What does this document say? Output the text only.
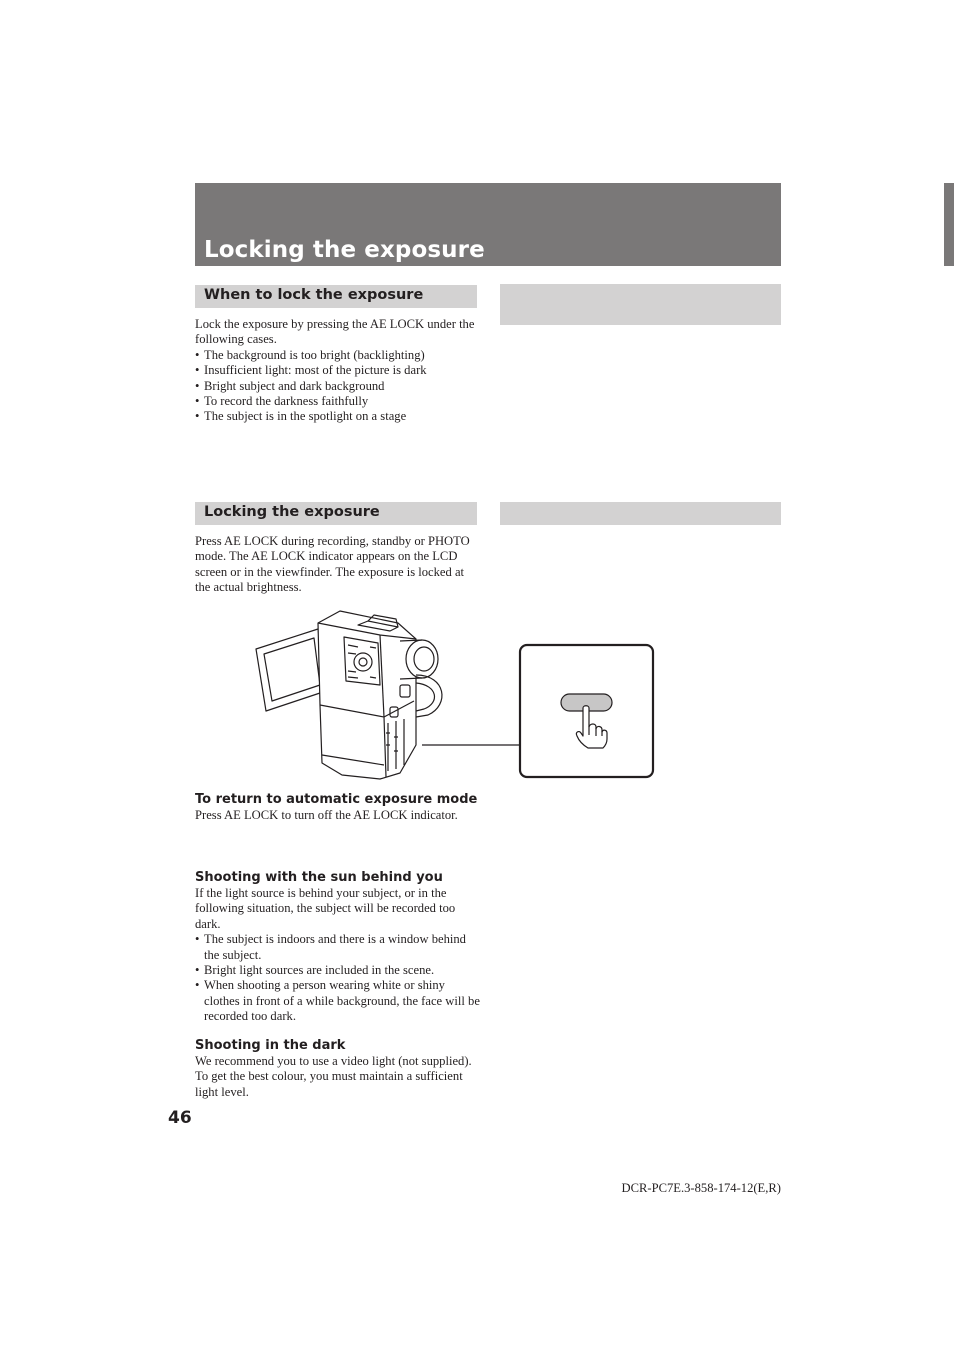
Locking the exposure
When to lock the exposure

Lock the exposure by pressing the AE LOCK under the following cases.

• The background is too bright (backlighting)
• Insufficient light: most of the picture is dark
• Bright subject and dark background
• To record the darkness faithfully
• The subject is in the spotlight on a stage
Locking the exposure

Press AE LOCK during recording, standby or PHOTO mode. The AE LOCK indicator appears on the LCD screen or in the viewfinder. The exposure is locked at the actual brightness.

To return to automatic exposure mode

Press AE LOCK to turn off the AE LOCK indicator.

Shooting with the sun behind you

If the light source is behind your subject, or in the following situation, the subject will be recorded too dark.

• The subject is indoors and there is a window behind the subject.
• Bright light sources are included in the scene.
• When shooting a person wearing white or shiny clothes in front of a while background, the face will be recorded too dark.
Shooting in the dark

We recommend you to use a video light (not supplied). To get the best colour, you must maintain a sufficient light level.

46
DCR-PC7E.3-858-174-12(E,R)
